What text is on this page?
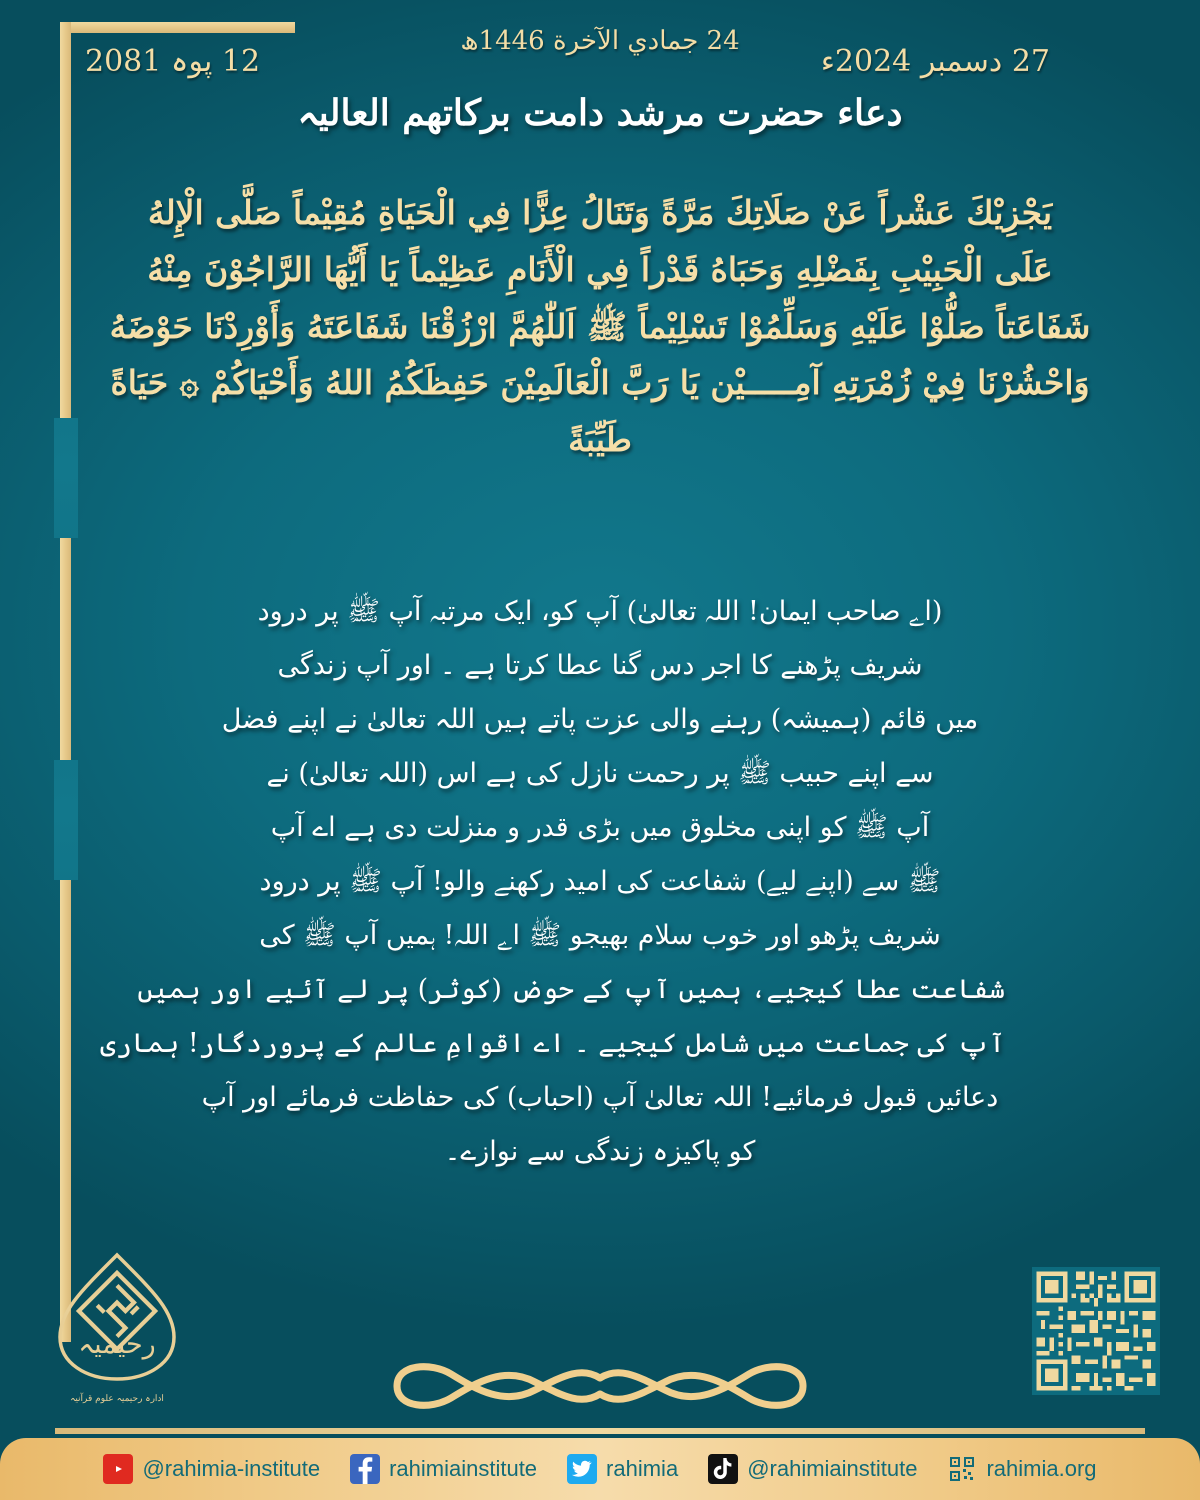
12 پوہ 2081
24 جمادي الآخرة 1446ھ
27 دسمبر 2024ء
دعاء حضرت مرشد دامت بركاتهم العالیہ
يَجْزِيْكَ عَشْراً عَنْ صَلَاتِكَ مَرَّةً وَتَنَالُ عِزًّا فِي الْحَيَاةِ مُقِيْماً صَلَّى الْإِلهُ
عَلَى الْحَبِيْبِ بِفَضْلِهِ وَحَبَاهُ قَدْراً فِي الْأَنَامِ عَظِيْماً يَا أَيُّهَا الرَّاجُوْنَ مِنْهُ
شَفَاعَتاً صَلُّوْا عَلَيْهِ وَسَلِّمُوْا تَسْلِيْماً ﷺ اَللّٰهُمَّ ارْزُقْنَا شَفَاعَتَهُ وَأَوْرِدْنَا حَوْضَهُ
وَاحْشُرْنَا فِيْ زُمْرَتِهِ آمِـــــيْن يَا رَبَّ الْعَالَمِيْنَ حَفِظَكُمُ اللهُ وَأَحْيَاكُمْ ۞ حَيَاةً
طَيِّبَةً
(اے صاحب ایمان! اللہ تعالیٰ) آپ کو، ایک مرتبہ آپ ﷺ پر درود
شریف پڑھنے کا اجر دس گنا عطا کرتا ہے ۔ اور آپ زندگی
میں قائم (ہمیشہ) رہنے والی عزت پاتے ہیں اللہ تعالیٰ نے اپنے فضل
سے اپنے حبیب ﷺ پر رحمت نازل کی ہے اس (اللہ تعالیٰ) نے
آپ ﷺ کو اپنی مخلوق میں بڑی قدر و منزلت دی ہے اے آپ
ﷺ سے (اپنے لیے) شفاعت کی امید رکھنے والو! آپ ﷺ پر درود
شریف پڑھو اور خوب سلام بھیجو ﷺ اے اللہ! ہمیں آپ ﷺ کی
شفاعت عطا کیجیے، ہمیں آپ کے حوض (کوثر) پر لے آئیے اور ہمیں
آپ کی جماعت میں شامل کیجیے ۔ اے اقوامِ عالم کے پروردگار! ہماری
دعائیں قبول فرمائیے! اللہ تعالیٰ آپ (احباب) کی حفاظت فرمائے اور آپ
کو پاکیزہ زندگی سے نوازے۔
رحیمیہ
ادارہ رحیمیہ علوم قرآنیہ
@rahimia-institute	rahimiainstitute	rahimia	@rahimiainstitute	rahimia.org
